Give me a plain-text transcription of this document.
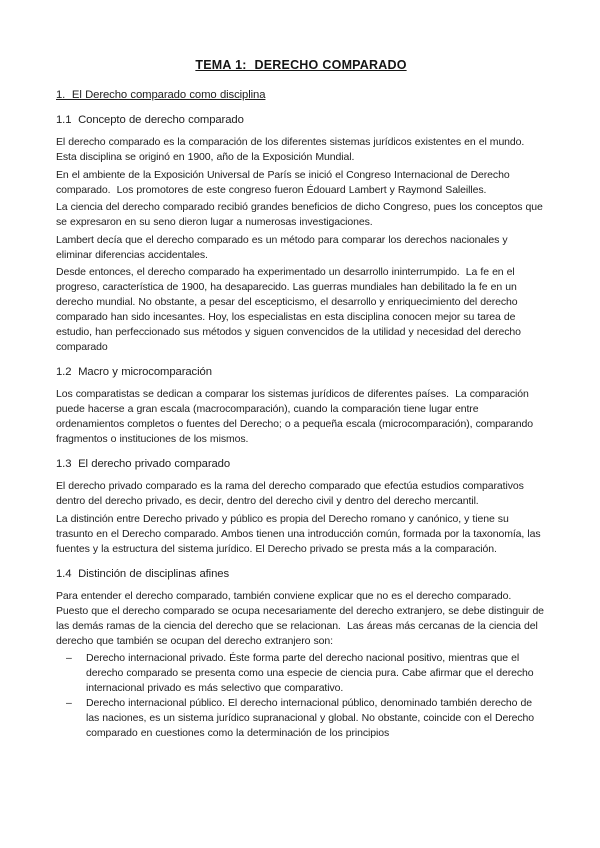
TEMA 1:  DERECHO COMPARADO
1.  El Derecho comparado como disciplina
1.1  Concepto de derecho comparado

El derecho comparado es la comparación de los diferentes sistemas jurídicos existentes en el mundo.  Esta disciplina se originó en 1900, año de la Exposición Mundial.

En el ambiente de la Exposición Universal de París se inició el Congreso Internacional de Derecho comparado.  Los promotores de este congreso fueron Édouard Lambert y Raymond Saleilles.

La ciencia del derecho comparado recibió grandes beneficios de dicho Congreso, pues los conceptos que se expresaron en su seno dieron lugar a numerosas investigaciones.

Lambert decía que el derecho comparado es un método para comparar los derechos nacionales y eliminar diferencias accidentales.

Desde entonces, el derecho comparado ha experimentado un desarrollo ininterrumpido.  La fe en el progreso, característica de 1900, ha desaparecido. Las guerras mundiales han debilitado la fe en un derecho mundial. No obstante, a pesar del escepticismo, el desarrollo y enriquecimiento del derecho comparado han sido incesantes. Hoy, los especialistas en esta disciplina conocen mejor su tarea de estudio, han perfeccionado sus métodos y siguen convencidos de la utilidad y necesidad del derecho comparado

1.2  Macro y microcomparación

Los comparatistas se dedican a comparar los sistemas jurídicos de diferentes países.  La comparación puede hacerse a gran escala (macrocomparación), cuando la comparación tiene lugar entre ordenamientos completos o fuentes del Derecho; o a pequeña escala (microcomparación), comparando fragmentos o instituciones de los mismos.

1.3  El derecho privado comparado

El derecho privado comparado es la rama del derecho comparado que efectúa estudios comparativos dentro del derecho privado, es decir, dentro del derecho civil y dentro del derecho mercantil.

La distinción entre Derecho privado y público es propia del Derecho romano y canónico, y tiene su trasunto en el Derecho comparado. Ambos tienen una introducción común, formada por la taxonomía, las fuentes y la estructura del sistema jurídico. El Derecho privado se presta más a la comparación.

1.4  Distinción de disciplinas afines

Para entender el derecho comparado, también conviene explicar que no es el derecho comparado. Puesto que el derecho comparado se ocupa necesariamente del derecho extranjero, se debe distinguir de las demás ramas de la ciencia del derecho que se relacionan.  Las áreas más cercanas de la ciencia del derecho que también se ocupan del derecho extranjero son:

– Derecho internacional privado. Éste forma parte del derecho nacional positivo, mientras que el derecho comparado se presenta como una especie de ciencia pura. Cabe afirmar que el derecho internacional privado es más selectivo que comparativo.
– Derecho internacional público. El derecho internacional público, denominado también derecho de las naciones, es un sistema jurídico supranacional y global. No obstante, coincide con el Derecho comparado en cuestiones como la determinación de los principios
